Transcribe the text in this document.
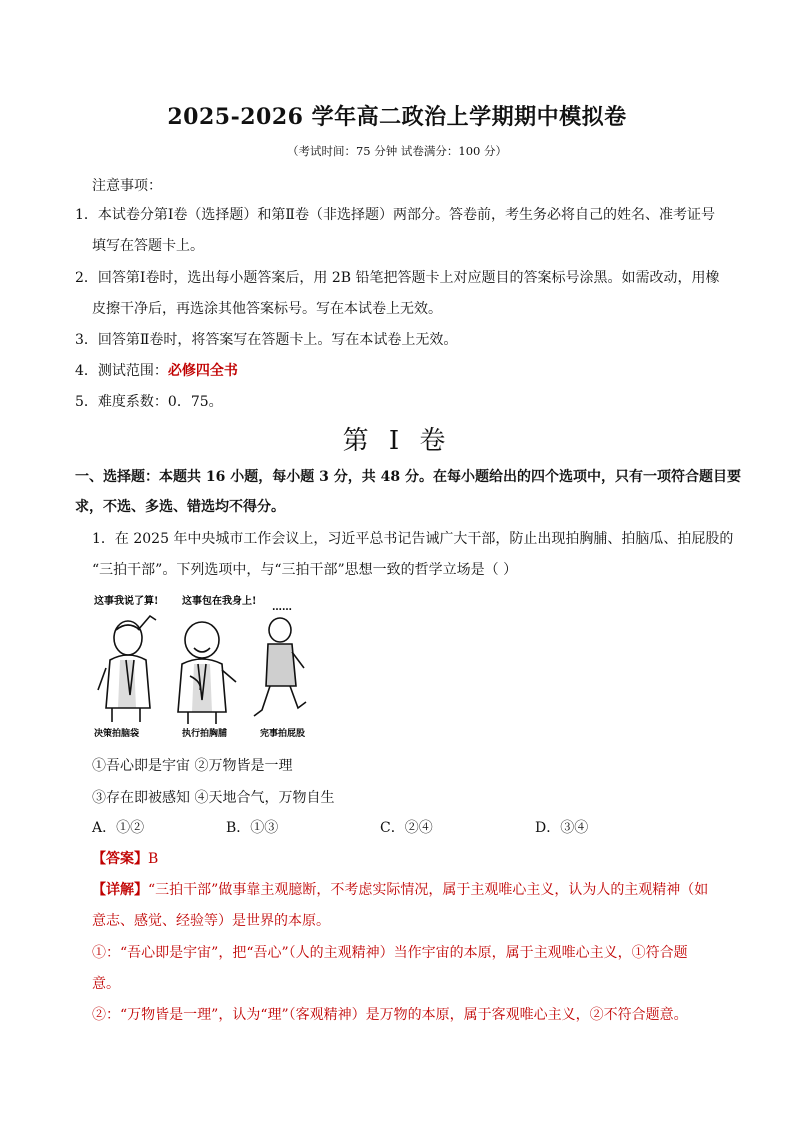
2025-2026 学年高二政治上学期期中模拟卷
（考试时间：75 分钟 试卷满分：100 分）
注意事项：
1．本试卷分第Ⅰ卷（选择题）和第Ⅱ卷（非选择题）两部分。答卷前，考生务必将自己的姓名、准考证号
填写在答题卡上。
2．回答第Ⅰ卷时，选出每小题答案后，用 2B 铅笔把答题卡上对应题目的答案标号涂黑。如需改动，用橡
皮擦干净后，再选涂其他答案标号。写在本试卷上无效。
3．回答第Ⅱ卷时，将答案写在答题卡上。写在本试卷上无效。
4．测试范围：必修四全书
5．难度系数：0．75。
第 I 卷
一、选择题：本题共 16 小题，每小题 3 分，共 48 分。在每小题给出的四个选项中，只有一项符合题目要
求，不选、多选、错选均不得分。
1．在 2025 年中央城市工作会议上，习近平总书记告诫广大干部，防止出现拍胸脯、拍脑瓜、拍屁股的
“三拍干部”。下列选项中，与“三拍干部”思想一致的哲学立场是（ ）
这事我说了算! 这事包在我身上!
……
决策拍脑袋	执行拍胸脯	完事拍屁股
①吾心即是宇宙 ②万物皆是一理
③存在即被感知 ④天地合气，万物自生
A．①②	B．①③	C．②④	D．③④
【答案】B
【详解】“三拍干部”做事靠主观臆断，不考虑实际情况，属于主观唯心主义，认为人的主观精神（如
意志、感觉、经验等）是世界的本原。
①：“吾心即是宇宙”，把“吾心”（人的主观精神）当作宇宙的本原，属于主观唯心主义，①符合题
意。
②：“万物皆是一理”，认为“理”（客观精神）是万物的本原，属于客观唯心主义，②不符合题意。
